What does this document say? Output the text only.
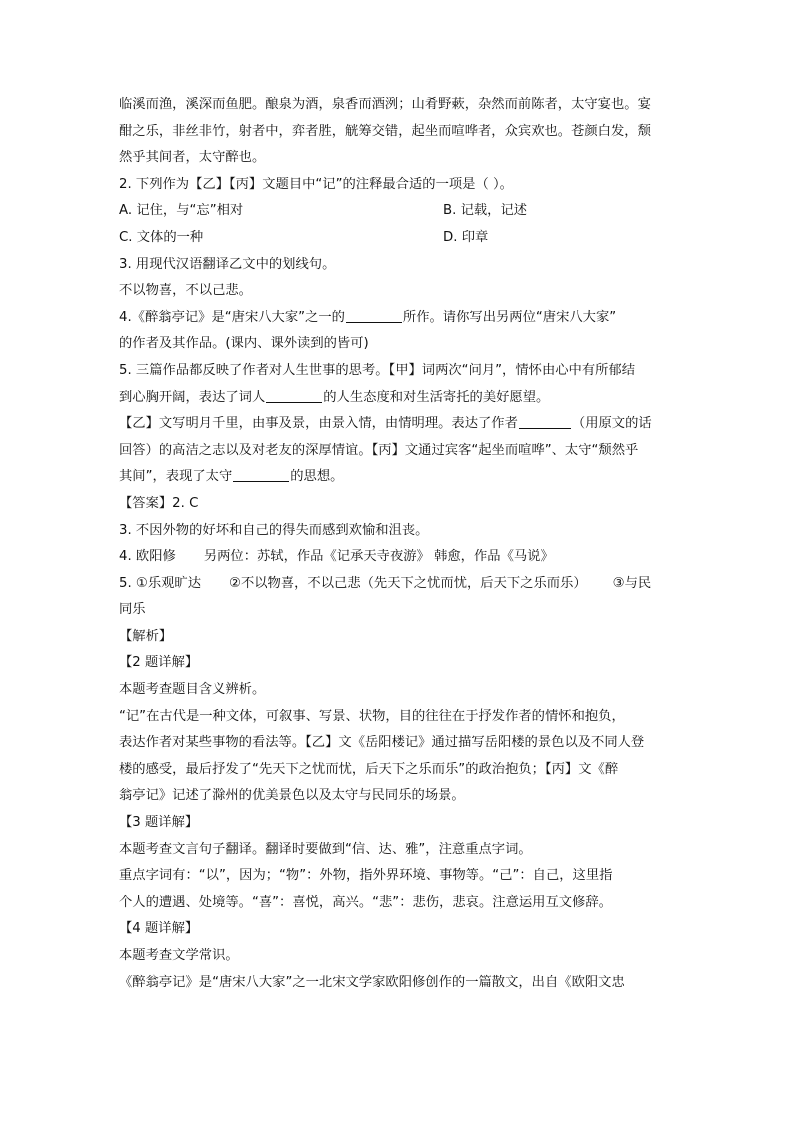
临溪而渔，溪深而鱼肥。酿泉为酒，泉香而酒洌；山肴野蔌，杂然而前陈者，太守宴也。宴
酣之乐，非丝非竹，射者中，弈者胜，觥筹交错，起坐而喧哗者，众宾欢也。苍颜白发，颓
然乎其间者，太守醉也。
2. 下列作为【乙】【丙】文题目中“记”的注释最合适的一项是（ ）。
A. 记住，与“忘”相对	B. 记载，记述
C. 文体的一种	D. 印章
3. 用现代汉语翻译乙文中的划线句。
不以物喜，不以己悲。
4.《醉翁亭记》是“唐宋八大家”之一的	所作。请你写出另两位“唐宋八大家”
的作者及其作品。(课内、课外读到的皆可)
5. 三篇作品都反映了作者对人生世事的思考。【甲】词两次“问月”，情怀由心中有所郁结
到心胸开阔，表达了词人	的人生态度和对生活寄托的美好愿望。
【乙】文写明月千里，由事及景，由景入情，由情明理。表达了作者	（用原文的话
回答）的高洁之志以及对老友的深厚情谊。【丙】文通过宾客“起坐而喧哗”、太守“颓然乎
其间”，表现了太守	的思想。
【答案】2. C
3. 不因外物的好坏和自己的得失而感到欢愉和沮丧。
4. 欧阳修 另两位：苏轼，作品《记承天寺夜游》 韩愈，作品《马说》
5. ①乐观旷达 ②不以物喜，不以己悲（先天下之忧而忧，后天下之乐而乐） ③与民
同乐
【解析】
【2 题详解】
本题考查题目含义辨析。
“记”在古代是一种文体，可叙事、写景、状物，目的往往在于抒发作者的情怀和抱负，
表达作者对某些事物的看法等。【乙】文《岳阳楼记》通过描写岳阳楼的景色以及不同人登
楼的感受，最后抒发了“先天下之忧而忧，后天下之乐而乐”的政治抱负；【丙】文《醉
翁亭记》记述了滁州的优美景色以及太守与民同乐的场景。
【3 题详解】
本题考查文言句子翻译。翻译时要做到“信、达、雅”，注意重点字词。
重点字词有：“以”，因为；“物”：外物，指外界环境、事物等。“己”：自己，这里指
个人的遭遇、处境等。“喜”：喜悦，高兴。“悲”：悲伤，悲哀。注意运用互文修辞。
【4 题详解】
本题考查文学常识。
《醉翁亭记》是“唐宋八大家”之一北宋文学家欧阳修创作的一篇散文，出自《欧阳文忠
